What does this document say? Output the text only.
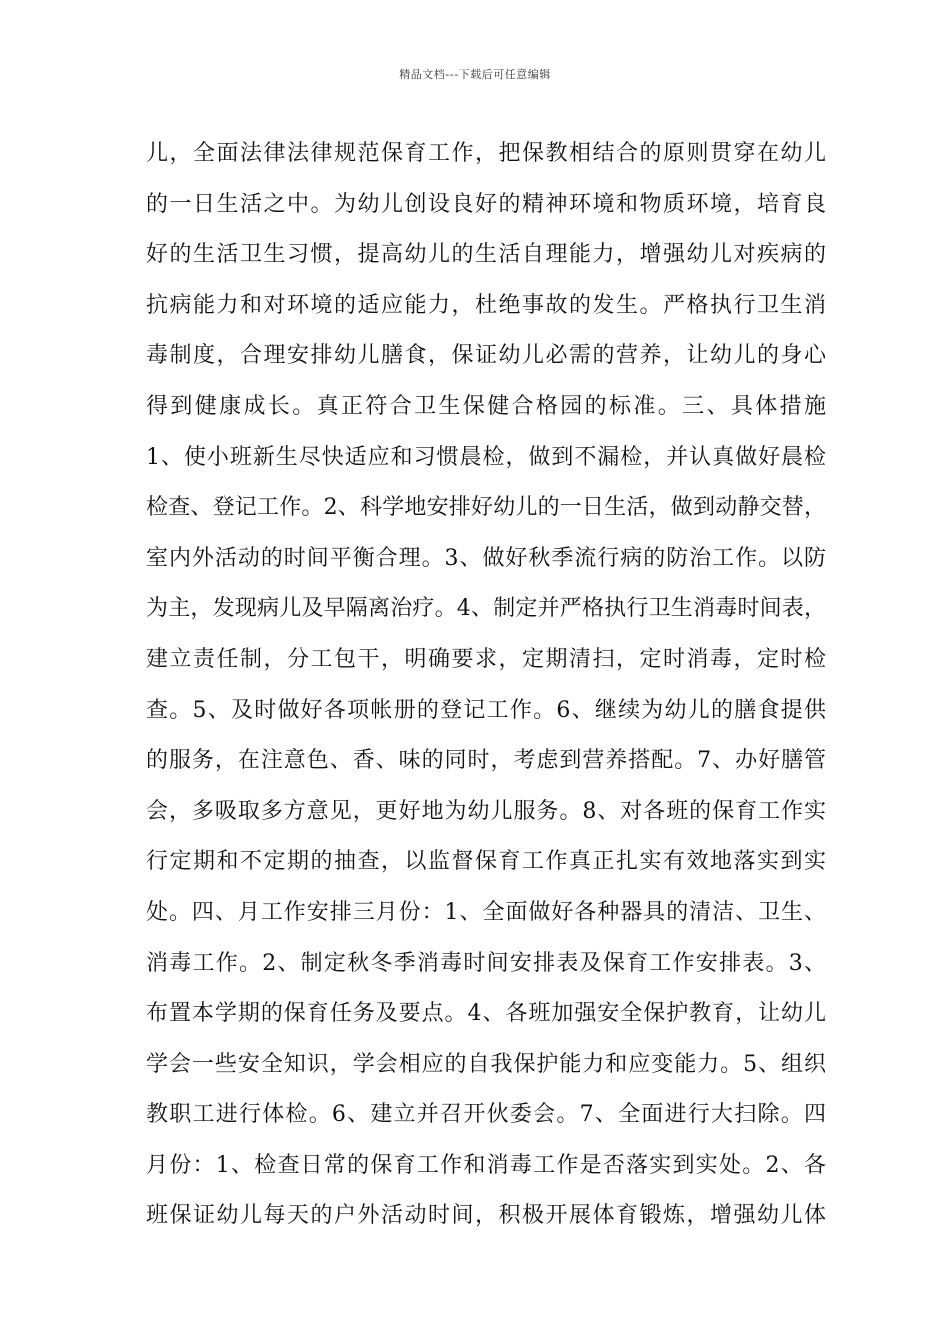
精品文档---下载后可任意编辑
儿，全面法律法律规范保育工作，把保教相结合的原则贯穿在幼儿
的一日生活之中。为幼儿创设良好的精神环境和物质环境，培育良
好的生活卫生习惯，提高幼儿的生活自理能力，增强幼儿对疾病的
抗病能力和对环境的适应能力，杜绝事故的发生。严格执行卫生消
毒制度，合理安排幼儿膳食，保证幼儿必需的营养，让幼儿的身心
得到健康成长。真正符合卫生保健合格园的标准。三、具体措施
1、使小班新生尽快适应和习惯晨检，做到不漏检，并认真做好晨检
检查、登记工作。2、科学地安排好幼儿的一日生活，做到动静交替，
室内外活动的时间平衡合理。3、做好秋季流行病的防治工作。以防
为主，发现病儿及早隔离治疗。4、制定并严格执行卫生消毒时间表，
建立责任制，分工包干，明确要求，定期清扫，定时消毒，定时检
查。5、及时做好各项帐册的登记工作。6、继续为幼儿的膳食提供
的服务，在注意色、香、味的同时，考虑到营养搭配。7、办好膳管
会，多吸取多方意见，更好地为幼儿服务。8、对各班的保育工作实
行定期和不定期的抽查，以监督保育工作真正扎实有效地落实到实
处。四、月工作安排三月份：1、全面做好各种器具的清洁、卫生、
消毒工作。2、制定秋冬季消毒时间安排表及保育工作安排表。3、
布置本学期的保育任务及要点。4、各班加强安全保护教育，让幼儿
学会一些安全知识，学会相应的自我保护能力和应变能力。5、组织
教职工进行体检。6、建立并召开伙委会。7、全面进行大扫除。四
月份：1、检查日常的保育工作和消毒工作是否落实到实处。2、各
班保证幼儿每天的户外活动时间，积极开展体育锻炼，增强幼儿体
